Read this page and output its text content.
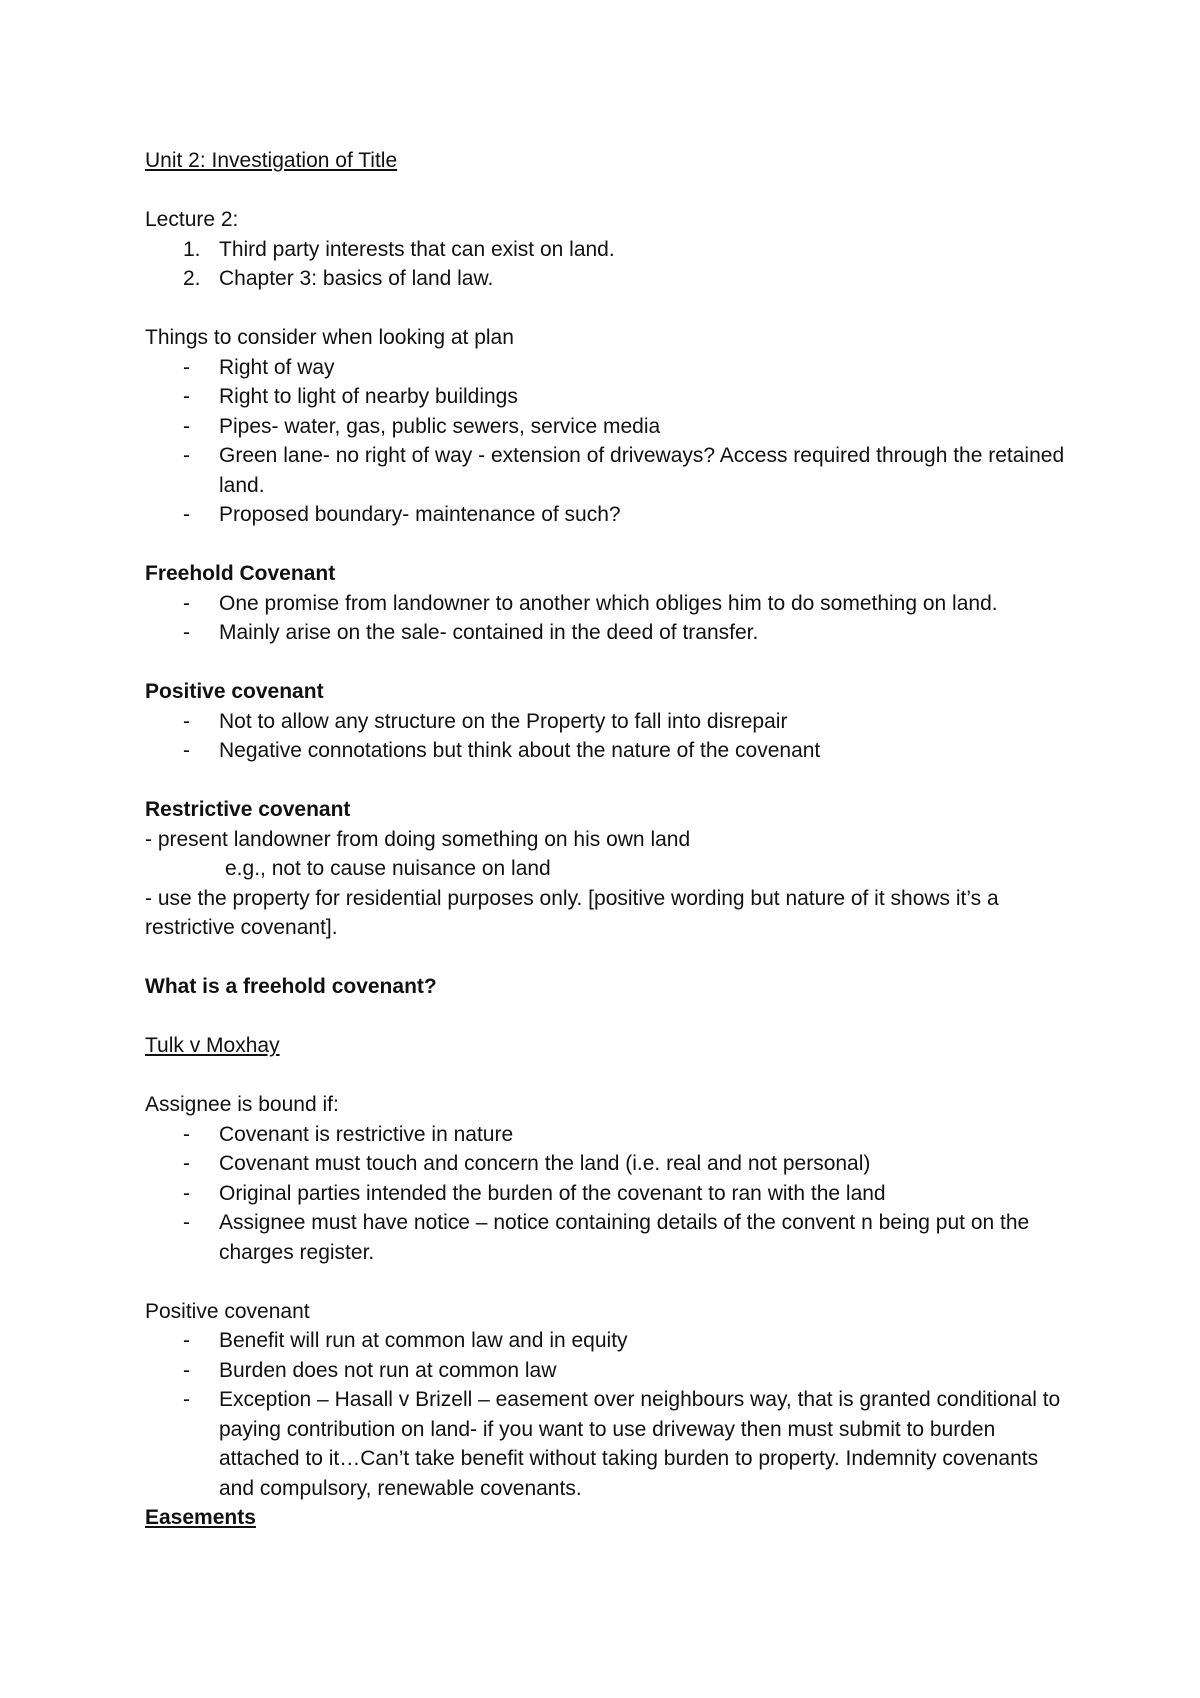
Unit 2: Investigation of Title
Lecture 2:
1. Third party interests that can exist on land.
2. Chapter 3: basics of land law.
Things to consider when looking at plan
- Right of way
- Right to light of nearby buildings
- Pipes- water, gas, public sewers, service media
- Green lane- no right of way - extension of driveways? Access required through the retained land.
- Proposed boundary- maintenance of such?
Freehold Covenant
- One promise from landowner to another which obliges him to do something on land.
- Mainly arise on the sale- contained in the deed of transfer.
Positive covenant
- Not to allow any structure on the Property to fall into disrepair
- Negative connotations but think about the nature of the covenant
Restrictive covenant
- present landowner from doing something on his own land
e.g., not to cause nuisance on land
- use the property for residential purposes only. [positive wording but nature of it shows it’s a restrictive covenant].
What is a freehold covenant?
Tulk v Moxhay
Assignee is bound if:
- Covenant is restrictive in nature
- Covenant must touch and concern the land (i.e. real and not personal)
- Original parties intended the burden of the covenant to ran with the land
- Assignee must have notice – notice containing details of the convent n being put on the charges register.
Positive covenant
- Benefit will run at common law and in equity
- Burden does not run at common law
- Exception – Hasall v Brizell – easement over neighbours way, that is granted conditional to paying contribution on land- if you want to use driveway then must submit to burden attached to it…Can’t take benefit without taking burden to property. Indemnity covenants and compulsory, renewable covenants.
Easements
